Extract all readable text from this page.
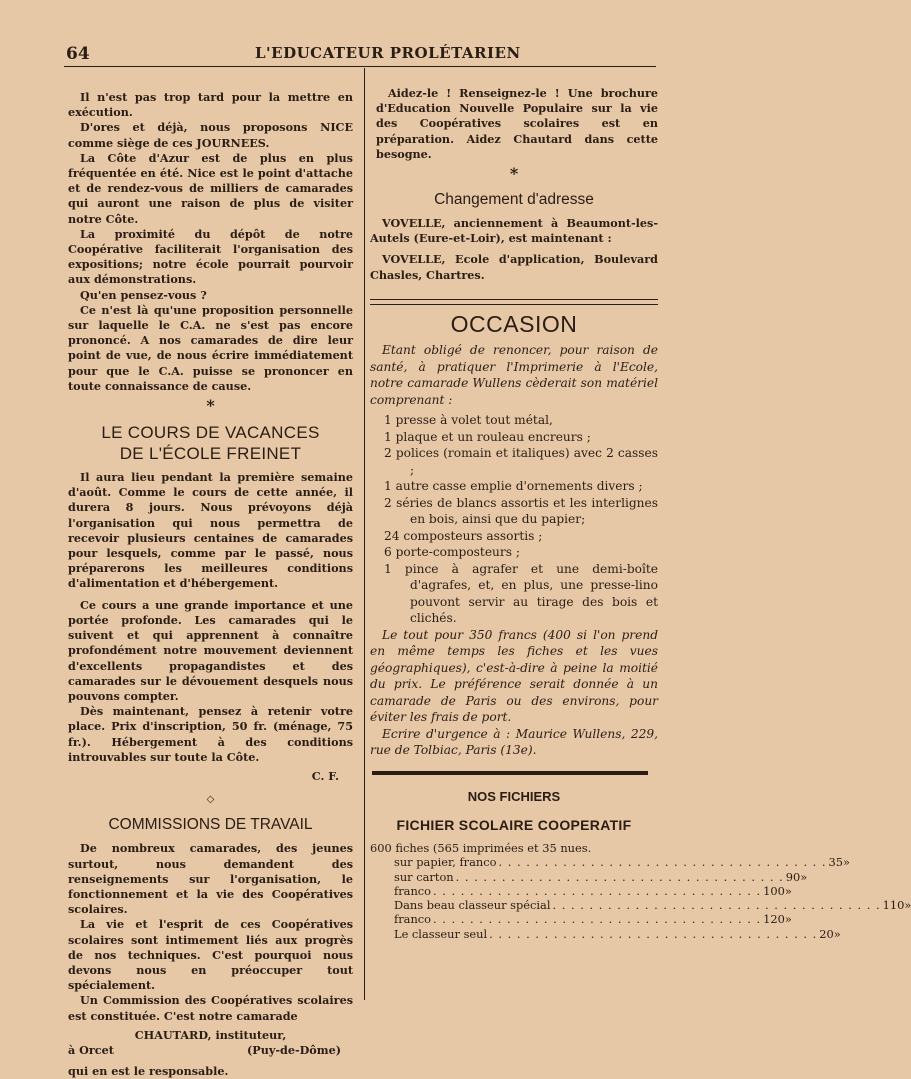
64	L'EDUCATEUR PROLÉTARIEN

Il n'est pas trop tard pour la mettre en exécution.

D'ores et déjà, nous proposons NICE comme siège de ces JOURNEES.

La Côte d'Azur est de plus en plus fréquentée en été. Nice est le point d'attache et de rendez-vous de milliers de camarades qui auront une raison de plus de visiter notre Côte.

La proximité du dépôt de notre Coopérative faciliterait l'organisation des expositions; notre école pourrait pourvoir aux démonstrations.

Qu'en pensez-vous ?

Ce n'est là qu'une proposition personnelle sur laquelle le C.A. ne s'est pas encore prononcé. A nos camarades de dire leur point de vue, de nous écrire immédiatement pour que le C.A. puisse se prononcer en toute connaissance de cause.

*
LE COURS DE VACANCES
DE L'ÉCOLE FREINET

Il aura lieu pendant la première semaine d'août. Comme le cours de cette année, il durera 8 jours. Nous prévoyons déjà l'organisation qui nous permettra de recevoir plusieurs centaines de camarades pour lesquels, comme par le passé, nous préparerons les meilleures conditions d'alimentation et d'hébergement.

Ce cours a une grande importance et une portée profonde. Les camarades qui le suivent et qui apprennent à connaître profondément notre mouvement deviennent d'excellents propagandistes et des camarades sur le dévouement desquels nous pouvons compter.

Dès maintenant, pensez à retenir votre place. Prix d'inscription, 50 fr. (ménage, 75 fr.). Hébergement à des conditions introuvables sur toute la Côte.

C. F.
◇
COMMISSIONS DE TRAVAIL

De nombreux camarades, des jeunes surtout, nous demandent des renseignements sur l'organisation, le fonctionnement et la vie des Coopératives scolaires.

La vie et l'esprit de ces Coopératives scolaires sont intimement liés aux progrès de nos techniques. C'est pourquoi nous devons nous en préoccuper tout spécialement.

Un Commission des Coopératives scolaires est constituée. C'est notre camarade

CHAUTARD, instituteur,
à Orcet	(Puy-de-Dôme)

qui en est le responsable.

Aidez-le ! Renseignez-le ! Une brochure d'Education Nouvelle Populaire sur la vie des Coopératives scolaires est en préparation. Aidez Chautard dans cette besogne.

*
Changement d'adresse

VOVELLE, anciennement à Beaumont-les-Autels (Eure-et-Loir), est maintenant :

VOVELLE, Ecole d'application, Boulevard Chasles, Chartres.

OCCASION

Etant obligé de renoncer, pour raison de santé, à pratiquer l'Imprimerie à l'Ecole, notre camarade Wullens cèderait son matériel comprenant :

1 presse à volet tout métal,

1 plaque et un rouleau encreurs ;

2 polices (romain et italiques) avec 2 casses ;

1 autre casse emplie d'ornements divers ;

2 séries de blancs assortis et les interlignes en bois, ainsi que du papier;

24 composteurs assortis ;

6 porte-composteurs ;

1 pince à agrafer et une demi-boîte d'agrafes, et, en plus, une presse-lino pouvont servir au tirage des bois et clichés.

Le tout pour 350 francs (400 si l'on prend en même temps les fiches et les vues géographiques), c'est-à-dire à peine la moitié du prix. Le préférence serait donnée à un camarade de Paris ou des environs, pour éviter les frais de port.

Ecrire d'urgence à : Maurice Wullens, 229, rue de Tolbiac, Paris (13e).

NOS FICHIERS
FICHIER SCOLAIRE COOPERATIF
600 fiches (565 imprimées et 35 nues.
sur papier, franco . . . . . . . . . . . . . . . . . . . . . . . . . . . . . . . . . . . . 35 »
sur carton . . . . . . . . . . . . . . . . . . . . . . . . . . . . . . . . . . . . 90 »
franco . . . . . . . . . . . . . . . . . . . . . . . . . . . . . . . . . . . . 100 »
Dans beau classeur spécial . . . . . . . . . . . . . . . . . . . . . . . . . . . . . . . . . . . . 110 »
franco . . . . . . . . . . . . . . . . . . . . . . . . . . . . . . . . . . . . 120 »
Le classeur seul . . . . . . . . . . . . . . . . . . . . . . . . . . . . . . . . . . . . 20 »
